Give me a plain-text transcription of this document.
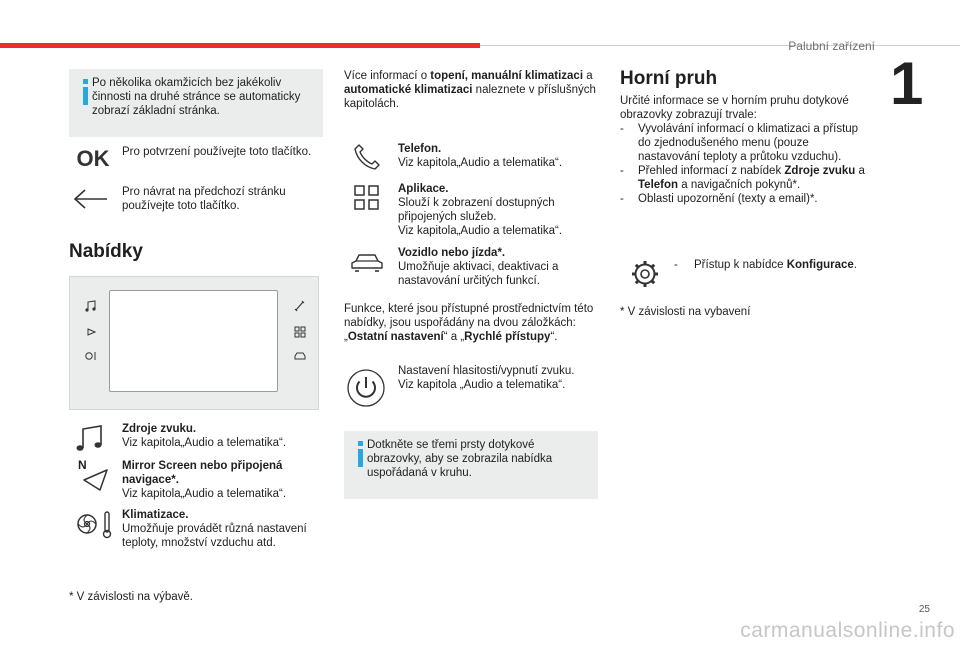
Palubní zařízení
1
Po několika okamžicích bez jakékoliv činnosti na druhé stránce se automaticky zobrazí základní stránka.
OK Pro potvrzení používejte toto tlačítko.
Pro návrat na předchozí stránku používejte toto tlačítko.
Nabídky
Zdroje zvuku.
Viz kapitola„Audio a telematika“.
N	Mirror Screen nebo připojená navigace*.
Viz kapitola„Audio a telematika“.
Klimatizace.
Umožňuje provádět různá nastavení teploty, množství vzduchu atd.
* V závislosti na výbavě.
Více informací o topení, manuální klimatizaci a automatické klimatizaci naleznete v příslušných kapitolách.
Telefon.
Viz kapitola„Audio a telematika“.
Aplikace.
Slouží k zobrazení dostupných připojených služeb.
Viz kapitola„Audio a telematika“.
Vozidlo nebo jízda*.
Umožňuje aktivaci, deaktivaci a nastavování určitých funkcí.
Funkce, které jsou přístupné prostřednictvím této nabídky, jsou uspořádány na dvou záložkách: „Ostatní nastavení“ a „Rychlé přístupy“.
Nastavení hlasitosti/vypnutí zvuku.
Viz kapitola „Audio a telematika“.
Dotkněte se třemi prsty dotykové obrazovky, aby se zobrazila nabídka uspořádaná v kruhu.
Horní pruh
Určité informace se v horním pruhu dotykové obrazovky zobrazují trvale:
- Vyvolávání informací o klimatizaci a přístup do zjednodušeného menu (pouze nastavování teploty a průtoku vzduchu).
- Přehled informací z nabídek Zdroje zvuku a Telefon a navigačních pokynů*.
- Oblasti upozornění (texty a email)*.
- Přístup k nabídce Konfigurace.
* V závislosti na vybavení
25
carmanualsonline.info
